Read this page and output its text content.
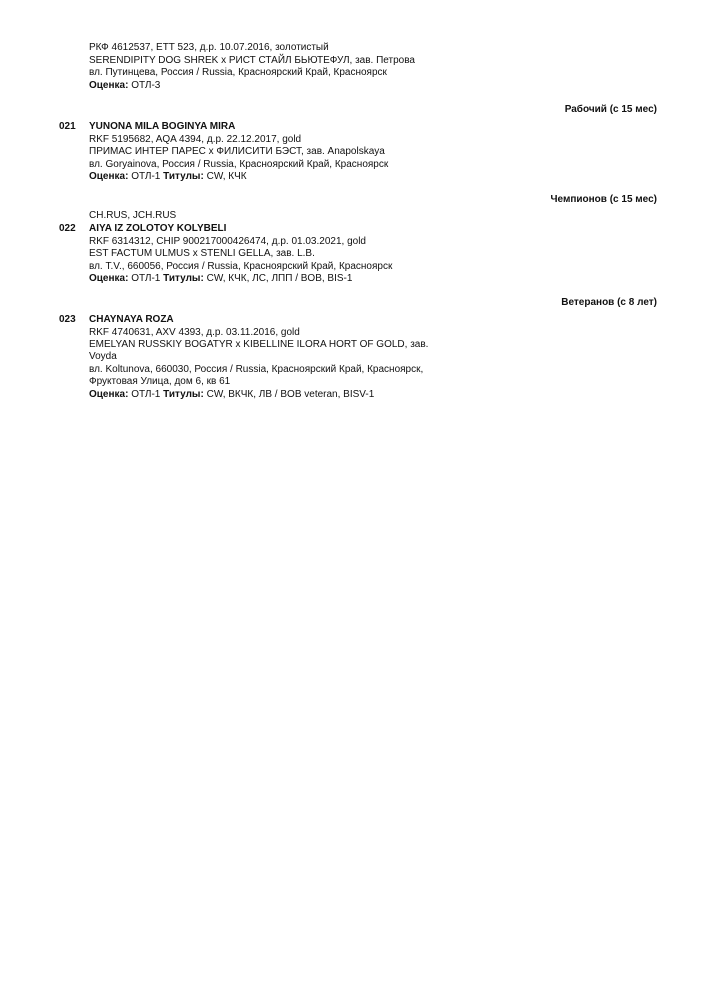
РКФ 4612537, ETT 523, д.р. 10.07.2016, золотистый
SERENDIPITY DOG SHREK x РИСТ СТАЙЛ БЬЮТЕФУЛ, зав. Петрова
вл. Путинцева, Россия / Russia, Красноярский Край, Красноярск
Оценка: ОТЛ-3
Рабочий (с 15 мес)
021 YUNONA MILA BOGINYA MIRA
RKF 5195682, AQA 4394, д.р. 22.12.2017, gold
ПРИМАС ИНТЕР ПАРЕС x ФИЛИСИТИ БЭСТ, зав. Anapolskaya
вл. Goryainova, Россия / Russia, Красноярский Край, Красноярск
Оценка: ОТЛ-1 Титулы: CW, КЧК
Чемпионов (с 15 мес)
CH.RUS, JCH.RUS
022 AIYA IZ ZOLOTOY KOLYBELI
RKF 6314312, CHIP 900217000426474, д.р. 01.03.2021, gold
EST FACTUM ULMUS x STENLI GELLA, зав. L.B.
вл. T.V., 660056, Россия / Russia, Красноярский Край, Красноярск
Оценка: ОТЛ-1 Титулы: CW, КЧК, ЛС, ЛПП / BOB, BIS-1
Ветеранов (с 8 лет)
023 CHAYNAYA ROZA
RKF 4740631, AXV 4393, д.р. 03.11.2016, gold
EMELYAN RUSSKIY BOGATYR x KIBELLINE ILORA HORT OF GOLD, зав.
Voyda
вл. Koltunova, 660030, Россия / Russia, Красноярский Край, Красноярск,
Фруктовая Улица, дом 6, кв 61
Оценка: ОТЛ-1 Титулы: CW, ВКЧК, ЛВ / BOB veteran, BISV-1
